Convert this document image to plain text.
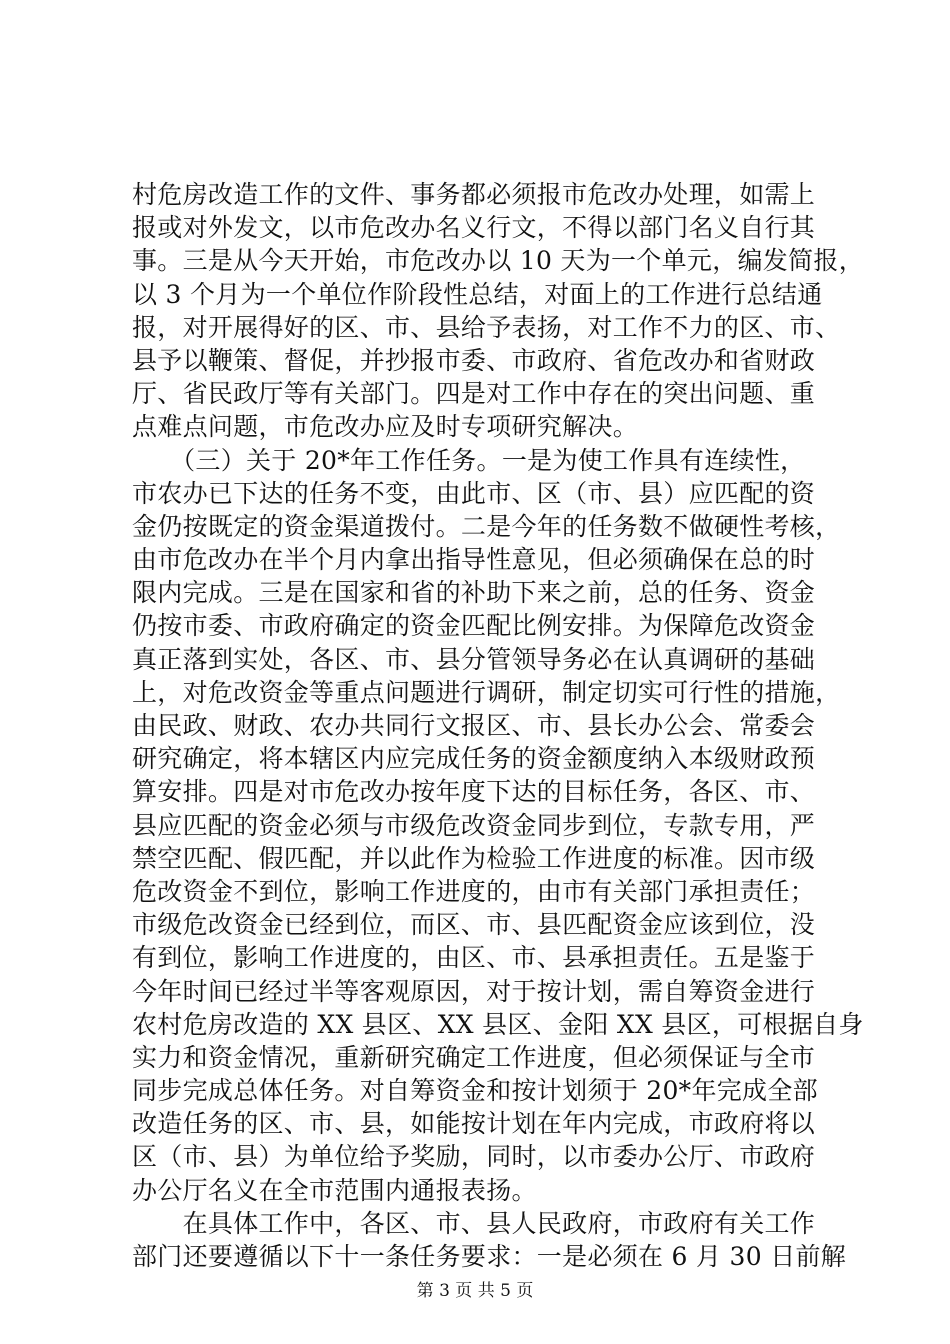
村危房改造工作的文件、事务都必须报市危改办处理，如需上
报或对外发文，以市危改办名义行文，不得以部门名义自行其
事。三是从今天开始，市危改办以 10 天为一个单元，编发简报，
以 3 个月为一个单位作阶段性总结，对面上的工作进行总结通
报，对开展得好的区、市、县给予表扬，对工作不力的区、市、
县予以鞭策、督促，并抄报市委、市政府、省危改办和省财政
厅、省民政厅等有关部门。四是对工作中存在的突出问题、重
点难点问题，市危改办应及时专项研究解决。
　　（三）关于 20*年工作任务。一是为使工作具有连续性，
市农办已下达的任务不变，由此市、区（市、县）应匹配的资
金仍按既定的资金渠道拨付。二是今年的任务数不做硬性考核，
由市危改办在半个月内拿出指导性意见，但必须确保在总的时
限内完成。三是在国家和省的补助下来之前，总的任务、资金
仍按市委、市政府确定的资金匹配比例安排。为保障危改资金
真正落到实处，各区、市、县分管领导务必在认真调研的基础
上，对危改资金等重点问题进行调研，制定切实可行性的措施，
由民政、财政、农办共同行文报区、市、县长办公会、常委会
研究确定，将本辖区内应完成任务的资金额度纳入本级财政预
算安排。四是对市危改办按年度下达的目标任务，各区、市、
县应匹配的资金必须与市级危改资金同步到位，专款专用，严
禁空匹配、假匹配，并以此作为检验工作进度的标准。因市级
危改资金不到位，影响工作进度的，由市有关部门承担责任；
市级危改资金已经到位，而区、市、县匹配资金应该到位，没
有到位，影响工作进度的，由区、市、县承担责任。五是鉴于
今年时间已经过半等客观原因，对于按计划，需自筹资金进行
农村危房改造的 XX 县区、XX 县区、金阳 XX 县区，可根据自身
实力和资金情况，重新研究确定工作进度，但必须保证与全市
同步完成总体任务。对自筹资金和按计划须于 20*年完成全部
改造任务的区、市、县，如能按计划在年内完成，市政府将以
区（市、县）为单位给予奖励，同时，以市委办公厅、市政府
办公厅名义在全市范围内通报表扬。
　　在具体工作中，各区、市、县人民政府，市政府有关工作
部门还要遵循以下十一条任务要求：一是必须在 6 月 30 日前解
第 3 页 共 5 页
